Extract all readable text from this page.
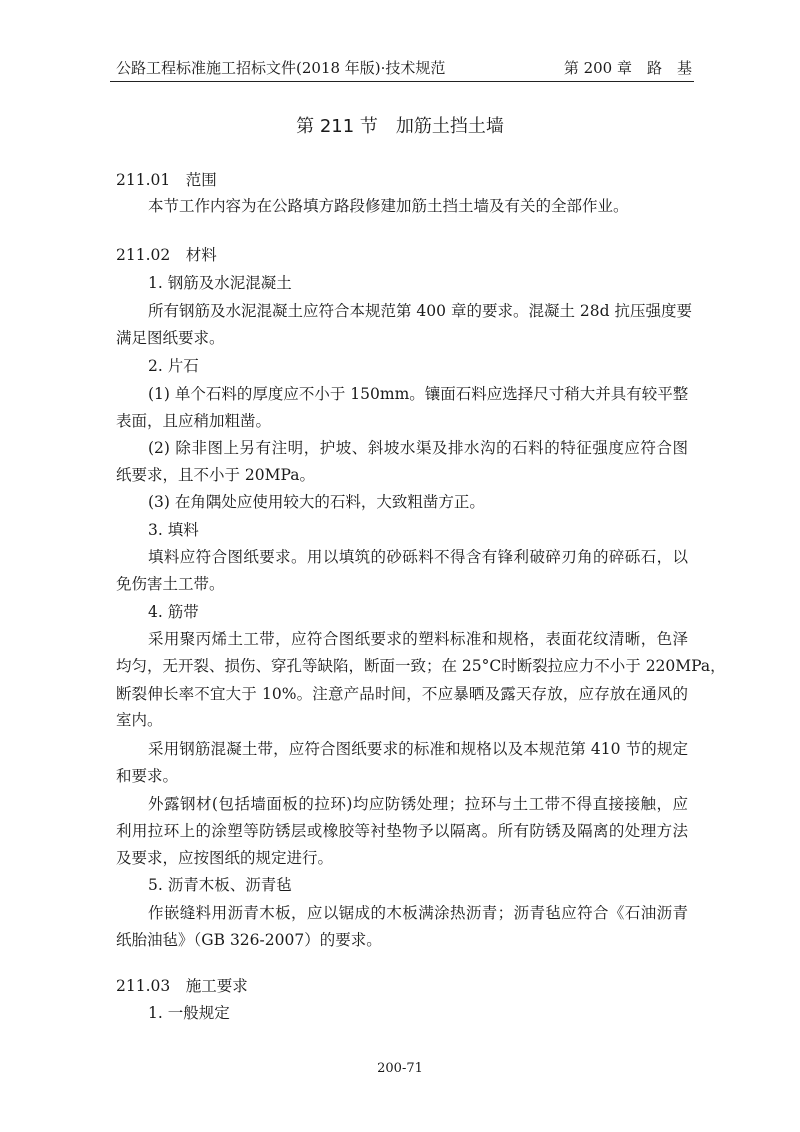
公路工程标准施工招标文件(2018 年版)·技术规范	第 200 章　路　基
第 211 节　加筋土挡土墙
211.01　 范围
本节工作内容为在公路填方路段修建加筋土挡土墙及有关的全部作业。
211.02　 材料
1. 钢筋及水泥混凝土
所有钢筋及水泥混凝土应符合本规范第 400 章的要求。混凝土 28d 抗压强度要
满足图纸要求。
2. 片石
(1) 单个石料的厚度应不小于 150mm。镶面石料应选择尺寸稍大并具有较平整
表面，且应稍加粗凿。
(2) 除非图上另有注明，护坡、斜坡水渠及排水沟的石料的特征强度应符合图
纸要求，且不小于 20MPa。
(3) 在角隅处应使用较大的石料，大致粗凿方正。
3. 填料
填料应符合图纸要求。用以填筑的砂砾料不得含有锋利破碎刃角的碎砾石，以
免伤害土工带。
4. 筋带
采用聚丙烯土工带，应符合图纸要求的塑料标准和规格，表面花纹清晰，色泽
均匀，无开裂、损伤、穿孔等缺陷，断面一致；在 25°C时断裂拉应力不小于 220MPa，
断裂伸长率不宜大于 10%。注意产品时间，不应暴晒及露天存放，应存放在通风的
室内。
采用钢筋混凝土带，应符合图纸要求的标准和规格以及本规范第 410 节的规定
和要求。
外露钢材(包括墙面板的拉环)均应防锈处理；拉环与土工带不得直接接触，应
利用拉环上的涂塑等防锈层或橡胶等衬垫物予以隔离。所有防锈及隔离的处理方法
及要求，应按图纸的规定进行。
5. 沥青木板、沥青毡
作嵌缝料用沥青木板，应以锯成的木板满涂热沥青；沥青毡应符合《石油沥青
纸胎油毡》（GB 326-2007）的要求。
211.03　 施工要求
1. 一般规定
200-71
